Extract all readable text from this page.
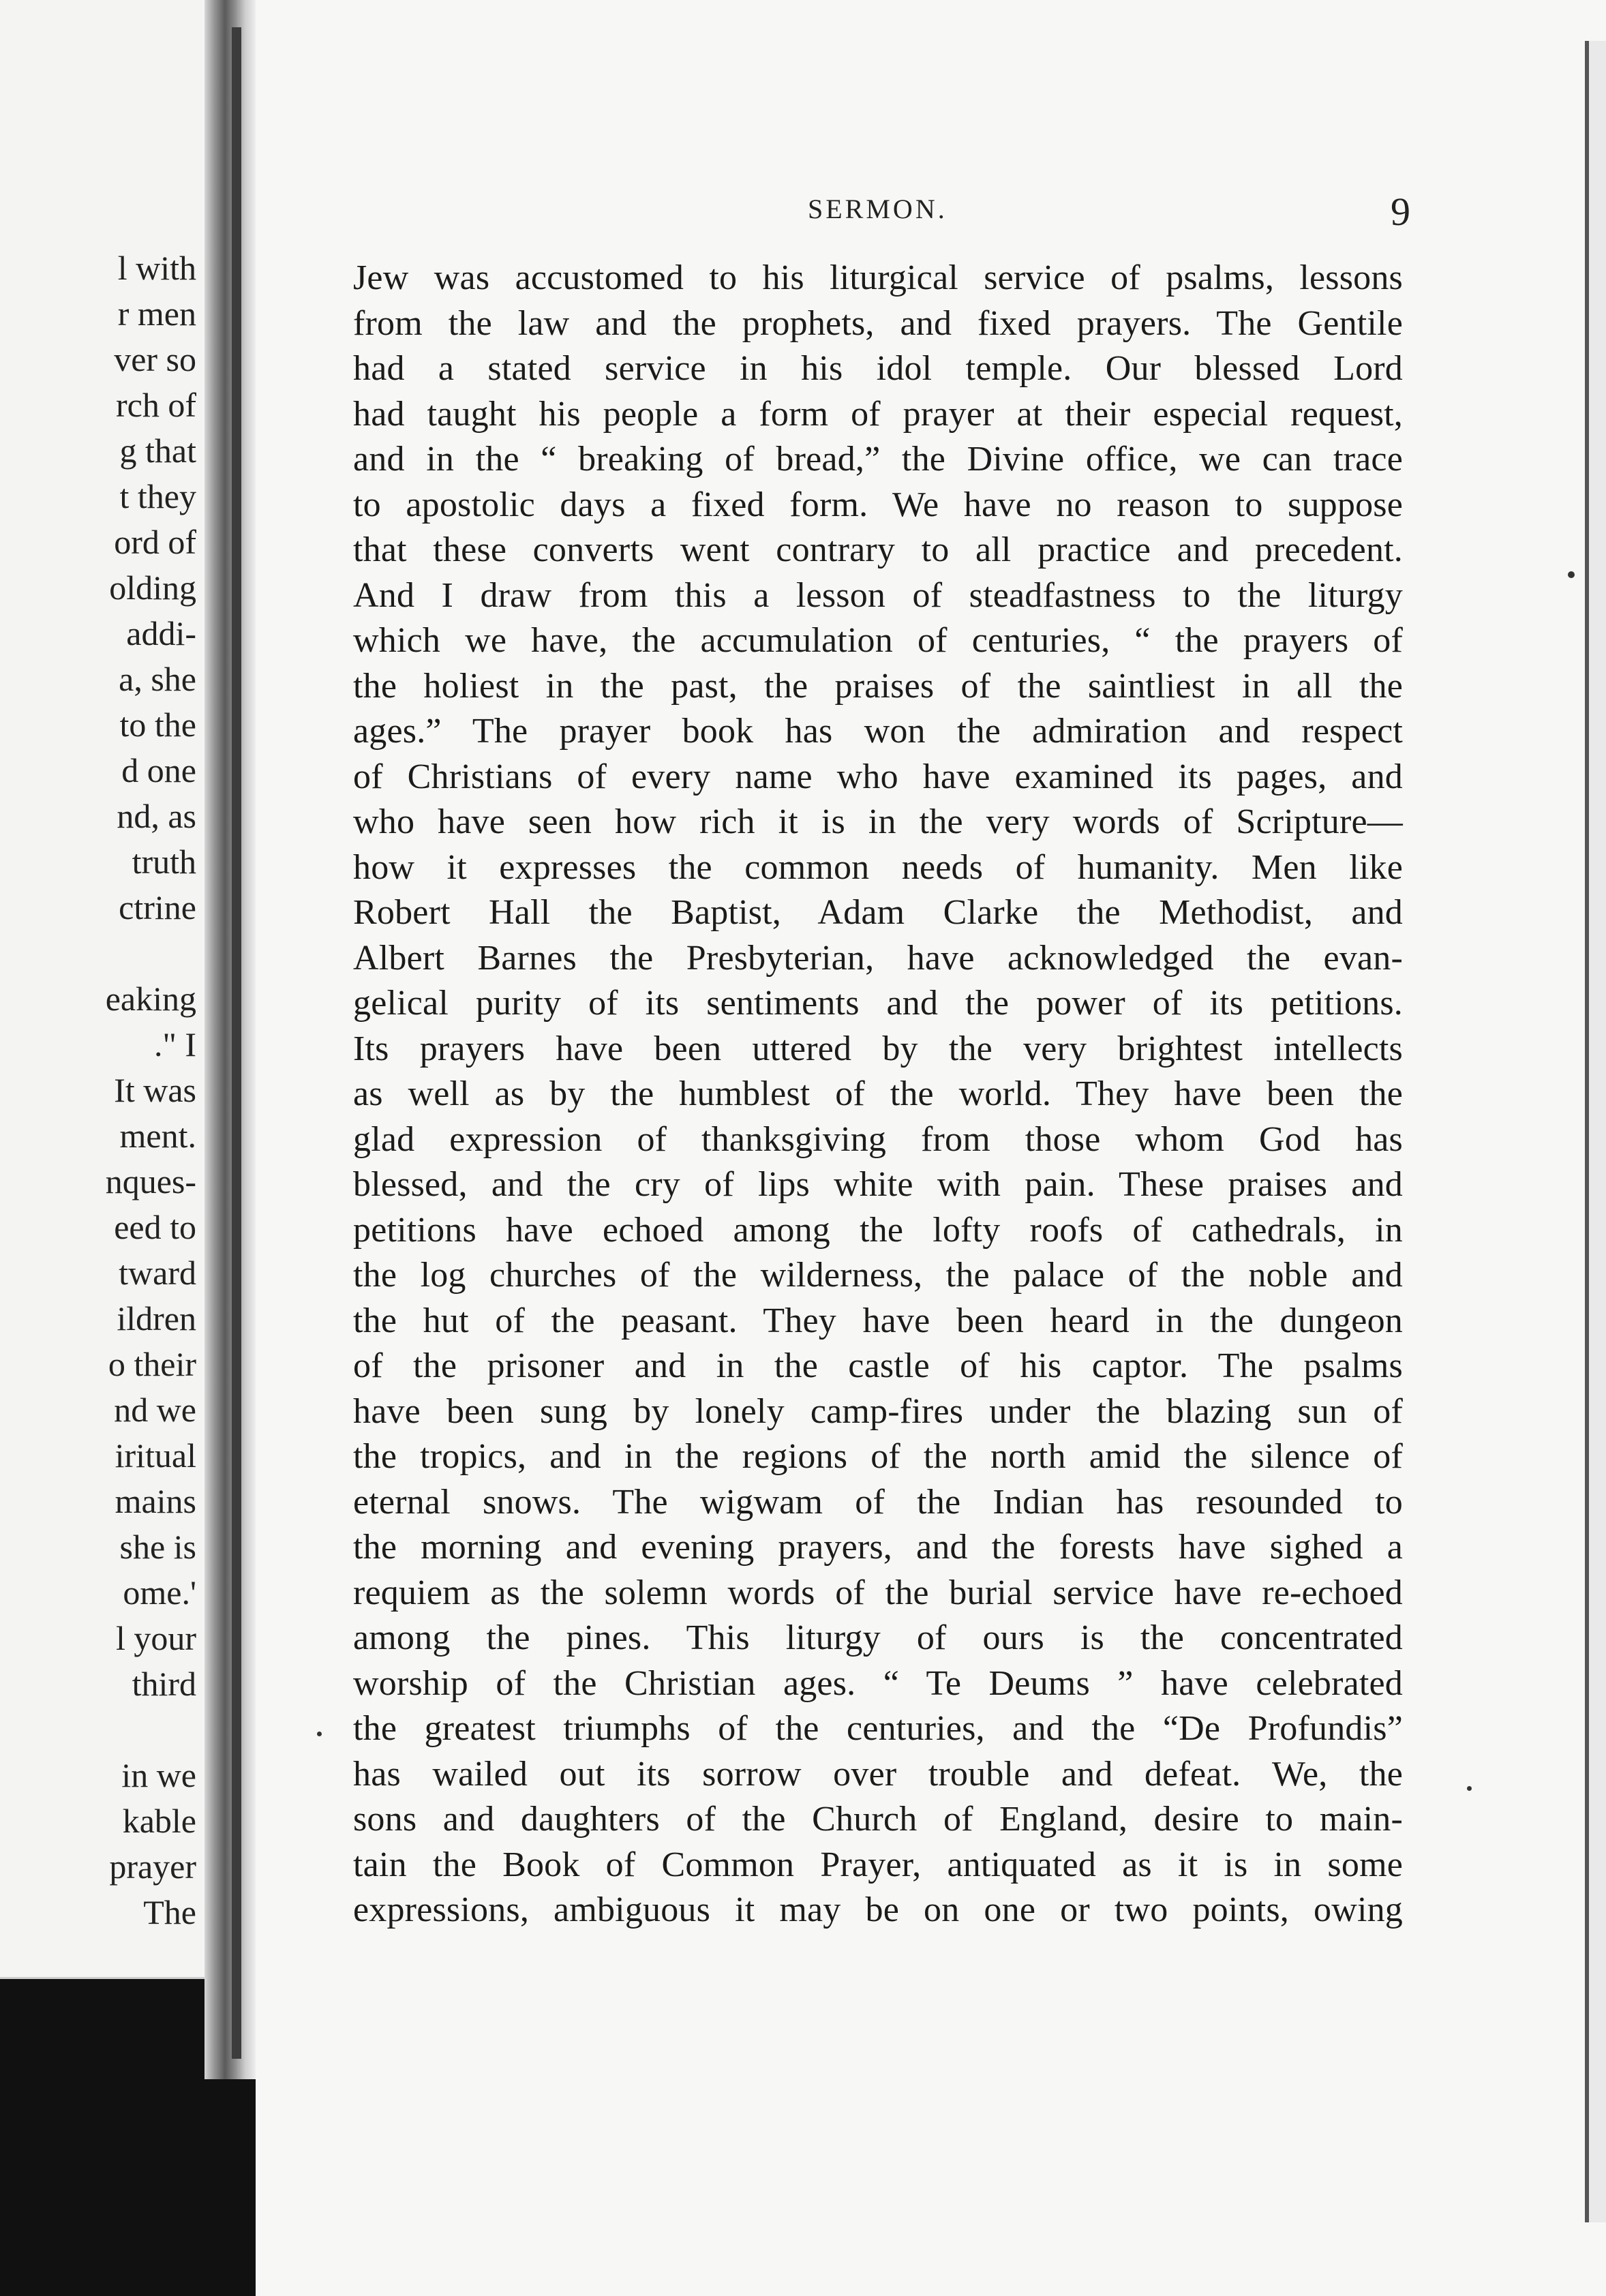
l with
r men
ver so
rch of
g that
t they
ord of
olding
addi-
a, she
to the
d one
nd, as
truth
ctrine
eaking
." I
It was
ment.
nques-
eed to
tward
ildren
o their
nd we
iritual
mains
she is
ome.'
l your
third
in we
kable
prayer
The
SERMON.	9
Jew was accustomed to his liturgical service of psalms, lessons
from the law and the prophets, and fixed prayers. The Gentile
had a stated service in his idol temple. Our blessed Lord
had taught his people a form of prayer at their especial request,
and in the “ breaking of bread,” the Divine office, we can trace
to apostolic days a fixed form. We have no reason to suppose
that these converts went contrary to all practice and precedent.
And I draw from this a lesson of steadfastness to the liturgy
which we have, the accumulation of centuries, “ the prayers of
the holiest in the past, the praises of the saintliest in all the
ages.” The prayer book has won the admiration and respect
of Christians of every name who have examined its pages, and
who have seen how rich it is in the very words of Scripture—
how it expresses the common needs of humanity. Men like
Robert Hall the Baptist, Adam Clarke the Methodist, and
Albert Barnes the Presbyterian, have acknowledged the evan-
gelical purity of its sentiments and the power of its petitions.
Its prayers have been uttered by the very brightest intellects
as well as by the humblest of the world. They have been the
glad expression of thanksgiving from those whom God has
blessed, and the cry of lips white with pain. These praises and
petitions have echoed among the lofty roofs of cathedrals, in
the log churches of the wilderness, the palace of the noble and
the hut of the peasant. They have been heard in the dungeon
of the prisoner and in the castle of his captor. The psalms
have been sung by lonely camp-fires under the blazing sun of
the tropics, and in the regions of the north amid the silence of
eternal snows. The wigwam of the Indian has resounded to
the morning and evening prayers, and the forests have sighed a
requiem as the solemn words of the burial service have re-echoed
among the pines. This liturgy of ours is the concentrated
worship of the Christian ages. “ Te Deums ” have celebrated
the greatest triumphs of the centuries, and the “De Profundis”
has wailed out its sorrow over trouble and defeat. We, the
sons and daughters of the Church of England, desire to main-
tain the Book of Common Prayer, antiquated as it is in some
expressions, ambiguous it may be on one or two points, owing
